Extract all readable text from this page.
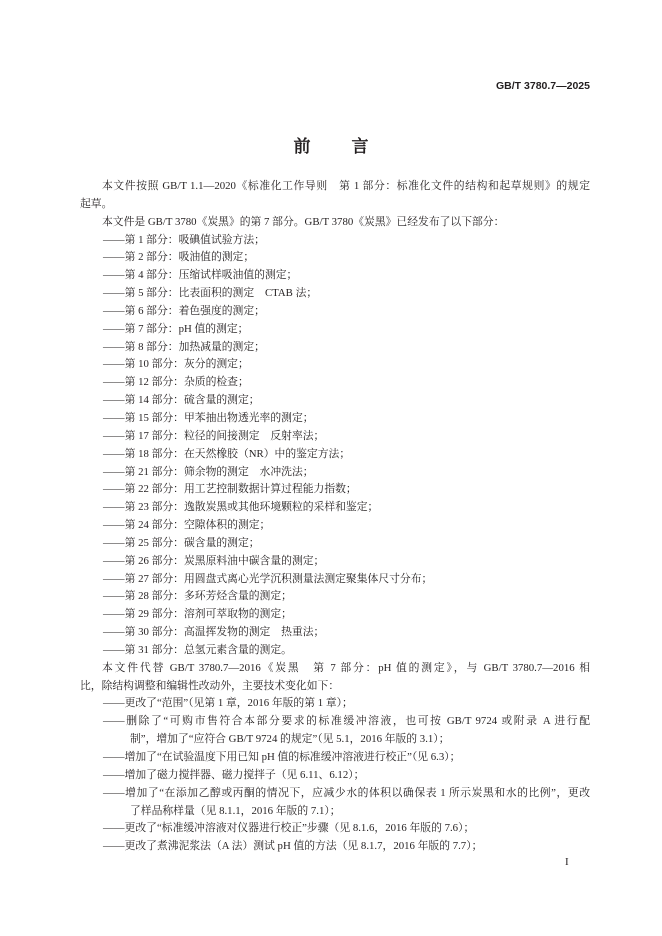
GB/T 3780.7—2025
前　言
本文件按照 GB/T 1.1—2020《标准化工作导则　第 1 部分：标准化文件的结构和起草规则》的规定
起草。
本文件是 GB/T 3780《炭黑》的第 7 部分。GB/T 3780《炭黑》已经发布了以下部分：
——第 1 部分：吸碘值试验方法；
——第 2 部分：吸油值的测定；
——第 4 部分：压缩试样吸油值的测定；
——第 5 部分：比表面积的测定　CTAB 法；
——第 6 部分：着色强度的测定；
——第 7 部分：pH 值的测定；
——第 8 部分：加热减量的测定；
——第 10 部分：灰分的测定；
——第 12 部分：杂质的检查；
——第 14 部分：硫含量的测定；
——第 15 部分：甲苯抽出物透光率的测定；
——第 17 部分：粒径的间接测定　反射率法；
——第 18 部分：在天然橡胶（NR）中的鉴定方法；
——第 21 部分：筛余物的测定　水冲洗法；
——第 22 部分：用工艺控制数据计算过程能力指数；
——第 23 部分：逸散炭黑或其他环境颗粒的采样和鉴定；
——第 24 部分：空隙体积的测定；
——第 25 部分：碳含量的测定；
——第 26 部分：炭黑原料油中碳含量的测定；
——第 27 部分：用圆盘式离心光学沉积测量法测定聚集体尺寸分布；
——第 28 部分：多环芳烃含量的测定；
——第 29 部分：溶剂可萃取物的测定；
——第 30 部分：高温挥发物的测定　热重法；
——第 31 部分：总氢元素含量的测定。
本文件代替 GB/T 3780.7—2016《炭黑　第 7 部分：pH 值的测定》，与 GB/T 3780.7—2016 相
比，除结构调整和编辑性改动外，主要技术变化如下：
——更改了“范围”（见第 1 章，2016 年版的第 1 章）；
——删除了“可购市售符合本部分要求的标准缓冲溶液，也可按 GB/T 9724 或附录 A 进行配
制”，增加了“应符合 GB/T 9724 的规定”（见 5.1，2016 年版的 3.1）；
——增加了“在试验温度下用已知 pH 值的标准缓冲溶液进行校正”（见 6.3）；
——增加了磁力搅拌器、磁力搅拌子（见 6.11、6.12）；
——增加了“在添加乙醇或丙酮的情况下，应减少水的体积以确保表 1 所示炭黑和水的比例”，更改
了样品称样量（见 8.1.1，2016 年版的 7.1）；
——更改了“标准缓冲溶液对仪器进行校正”步骤（见 8.1.6，2016 年版的 7.6）；
——更改了煮沸泥浆法（A 法）测试 pH 值的方法（见 8.1.7，2016 年版的 7.7）；
I
